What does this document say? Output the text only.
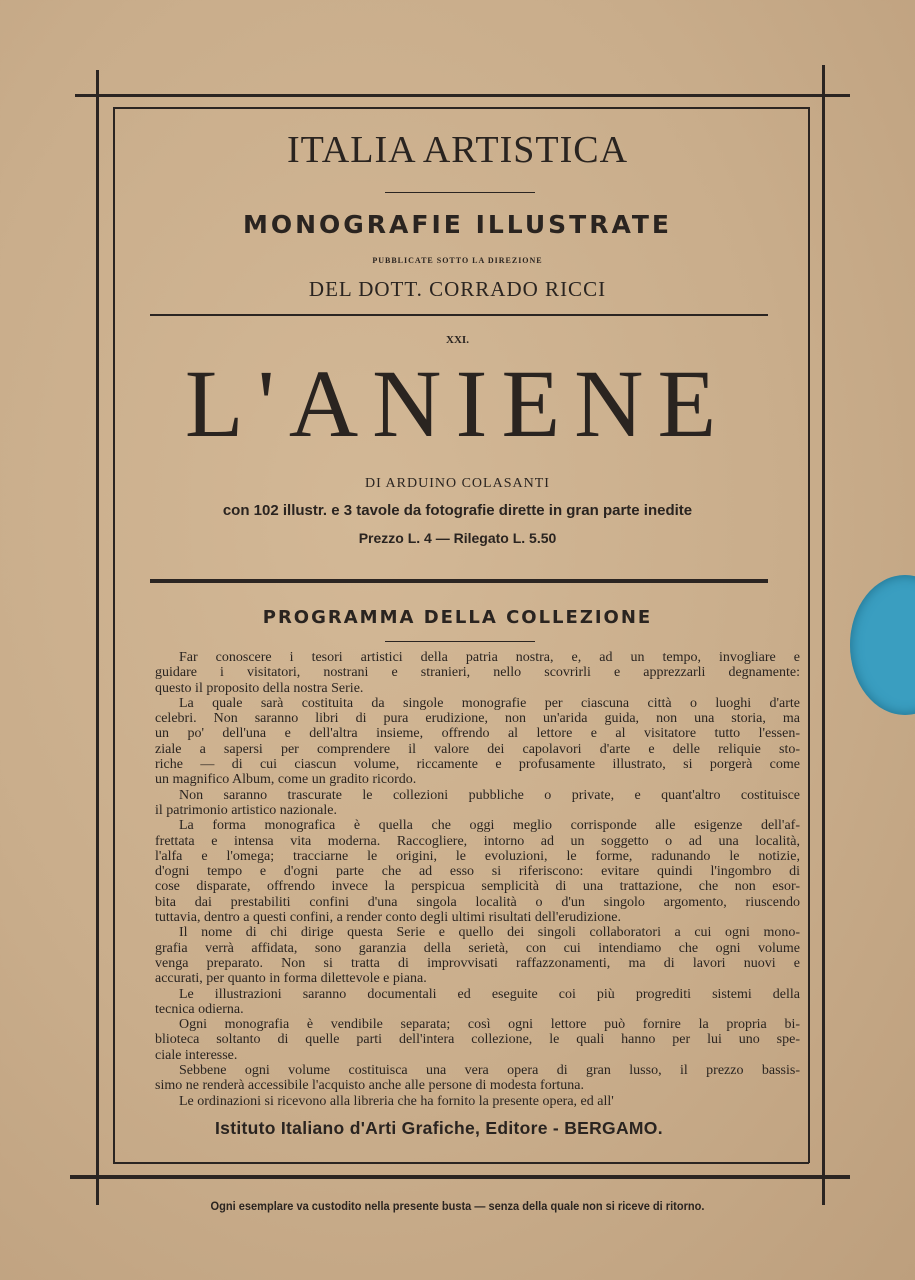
ITALIA ARTISTICA
MONOGRAFIE ILLUSTRATE
PUBBLICATE SOTTO LA DIREZIONE
DEL DOTT. CORRADO RICCI
XXI.
L'ANIENE
DI ARDUINO COLASANTI
con 102 illustr. e 3 tavole da fotografie dirette in gran parte inedite
Prezzo L. 4 — Rilegato L. 5.50
PROGRAMMA DELLA COLLEZIONE
Far conoscere i tesori artistici della patria nostra, e, ad un tempo, invogliare e
guidare i visitatori, nostrani e stranieri, nello scovrirli e apprezzarli degnamente:
questo il proposito della nostra Serie.
La quale sarà costituita da singole monografie per ciascuna città o luoghi d'arte
celebri. Non saranno libri di pura erudizione, non un'arida guida, non una storia, ma
un po' dell'una e dell'altra insieme, offrendo al lettore e al visitatore tutto l'essen-
ziale a sapersi per comprendere il valore dei capolavori d'arte e delle reliquie sto-
riche — di cui ciascun volume, riccamente e profusamente illustrato, si porgerà come
un magnifico Album, come un gradito ricordo.
Non saranno trascurate le collezioni pubbliche o private, e quant'altro costituisce
il patrimonio artistico nazionale.
La forma monografica è quella che oggi meglio corrisponde alle esigenze dell'af-
frettata e intensa vita moderna. Raccogliere, intorno ad un soggetto o ad una località,
l'alfa e l'omega; tracciarne le origini, le evoluzioni, le forme, radunando le notizie,
d'ogni tempo e d'ogni parte che ad esso si riferiscono: evitare quindi l'ingombro di
cose disparate, offrendo invece la perspicua semplicità di una trattazione, che non esor-
bita dai prestabiliti confini d'una singola località o d'un singolo argomento, riuscendo
tuttavia, dentro a questi confini, a render conto degli ultimi risultati dell'erudizione.
Il nome di chi dirige questa Serie e quello dei singoli collaboratori a cui ogni mono-
grafia verrà affidata, sono garanzia della serietà, con cui intendiamo che ogni volume
venga preparato. Non si tratta di improvvisati raffazzonamenti, ma di lavori nuovi e
accurati, per quanto in forma dilettevole e piana.
Le illustrazioni saranno documentali ed eseguite coi più progrediti sistemi della
tecnica odierna.
Ogni monografia è vendibile separata; così ogni lettore può fornire la propria bi-
blioteca soltanto di quelle parti dell'intera collezione, le quali hanno per lui uno spe-
ciale interesse.
Sebbene ogni volume costituisca una vera opera di gran lusso, il prezzo bassis-
simo ne renderà accessibile l'acquisto anche alle persone di modesta fortuna.
Le ordinazioni si ricevono alla libreria che ha fornito la presente opera, ed all'
Istituto Italiano d'Arti Grafiche, Editore - BERGAMO.
Ogni esemplare va custodito nella presente busta — senza della quale non si riceve di ritorno.
